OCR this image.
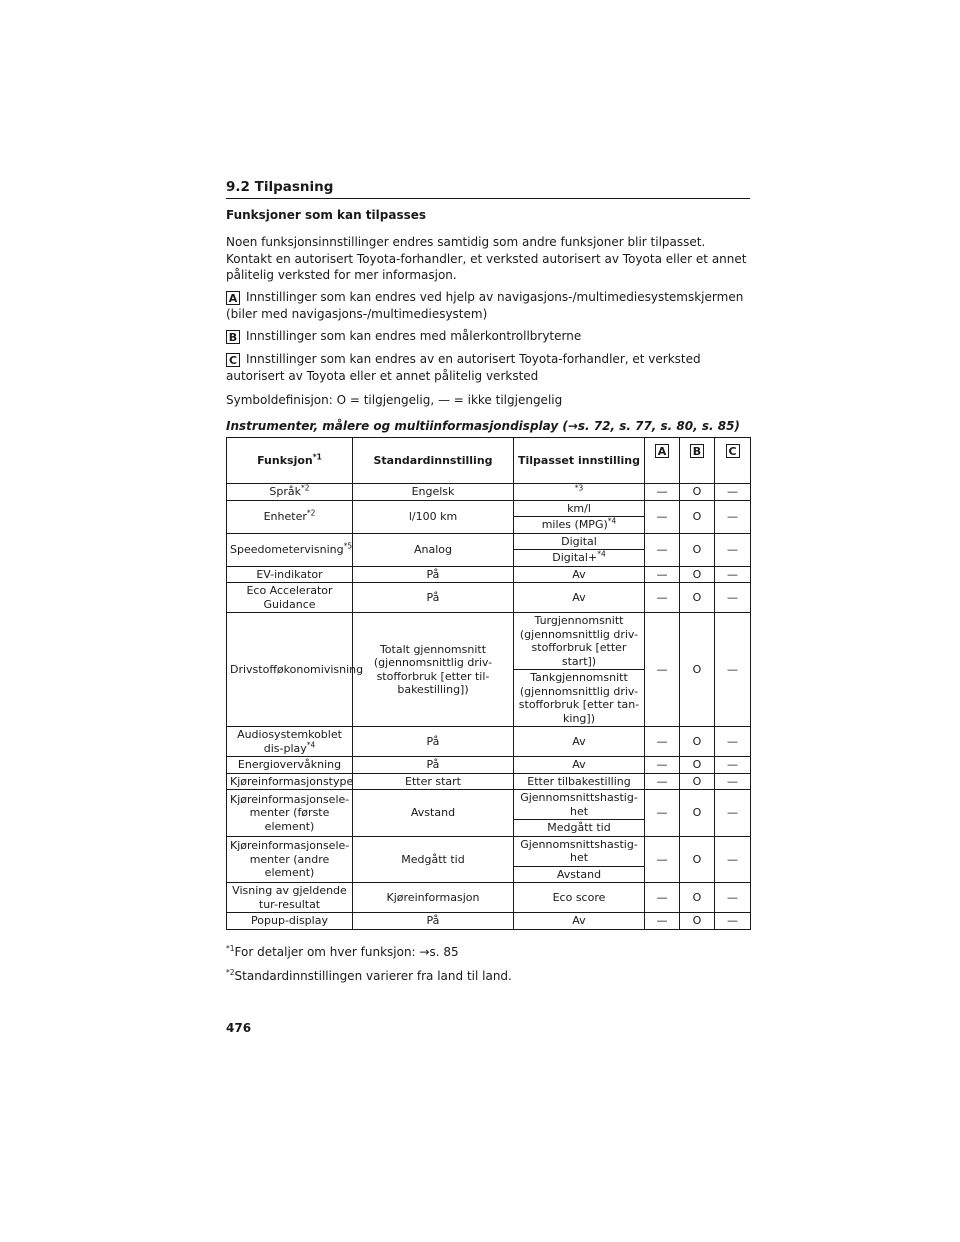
9.2 Tilpasning
Funksjoner som kan tilpasses
Noen funksjonsinnstillinger endres samtidig som andre funksjoner blir tilpasset. Kontakt en autorisert Toyota-forhandler, et verksted autorisert av Toyota eller et annet pålitelig verksted for mer informasjon.
A Innstillinger som kan endres ved hjelp av navigasjons-/multimediesystemskjermen (biler med navigasjons-/multimediesystem)
B Innstillinger som kan endres med målerkontrollbryterne
C Innstillinger som kan endres av en autorisert Toyota-forhandler, et verksted autorisert av Toyota eller et annet pålitelig verksted
Symboldefinisjon: O = tilgjengelig, — = ikke tilgjengelig
Instrumenter, målere og multiinformasjondisplay (→s. 72, s. 77, s. 80, s. 85)
Funksjon$^{*1}$	Standardinnstilling	Tilpasset innstilling	A	B	C
Språk$^{*2}$	Engelsk	$^{*3}$	—	O	—
Enheter$^{*2}$	l/100 km	km/l	—	O	—
		miles (MPG)$^{*4}$
Speedometervisning$^{*5}$	Analog	Digital	—	O	—
		Digital+$^{*4}$
EV-indikator	På	Av	—	O	—
Eco Accelerator Guidance	På	Av	—	O	—
Drivstofføkonomivisning	Totalt gjennomsnitt (gjennomsnittlig driv-stofforbruk [etter til-bakestilling])	Turgjennomsnitt (gjennomsnittlig driv-stofforbruk [etter start])	—	O	—
		Tankgjennomsnitt (gjennomsnittlig driv-stofforbruk [etter tan-king])			
Audiosystemkoblet dis-play$^{*4}$	På	Av	—	O	—
Energiovervåkning	På	Av	—	O	—
Kjøreinformasjonstype	Etter start	Etter tilbakestilling	—	O	—
Kjøreinformasjonsele-menter (første element)	Avstand	Gjennomsnittshastig-het	—	O	—
		Medgått tid			
Kjøreinformasjonsele-menter (andre element)	Medgått tid	Gjennomsnittshastig-het	—	O	—
		Avstand			
Visning av gjeldende tur-resultat	Kjøreinformasjon	Eco score	—	O	—
Popup-display	På	Av	—	O	—
$^{*1}$For detaljer om hver funksjon: →s. 85
$^{*2}$Standardinnstillingen varierer fra land til land.
476
